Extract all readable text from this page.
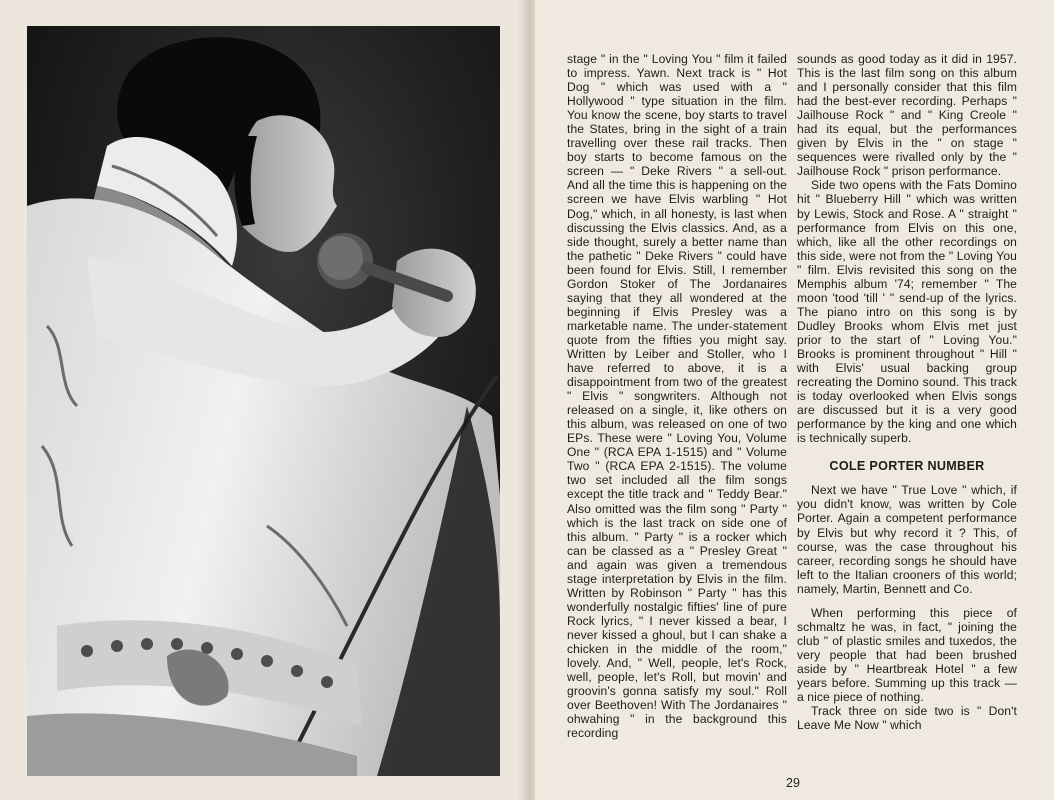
stage " in the " Loving You " film it failed to impress. Yawn. Next track is " Hot Dog " which was used with a " Hollywood " type situation in the film. You know the scene, boy starts to travel the States, bring in the sight of a train travelling over these rail tracks. Then boy starts to become famous on the screen — " Deke Rivers " a sell-out. And all the time this is happening on the screen we have Elvis warbling " Hot Dog," which, in all honesty, is last when discussing the Elvis classics. And, as a side thought, surely a better name than the pathetic " Deke Rivers " could have been found for Elvis. Still, I remember Gordon Stoker of The Jordanaires saying that they all wondered at the beginning if Elvis Presley was a marketable name. The under-statement quote from the fifties you might say. Written by Leiber and Stoller, who I have referred to above, it is a disappointment from two of the greatest " Elvis " songwriters. Although not released on a single, it, like others on this album, was released on one of two EPs. These were " Loving You, Volume One " (RCA EPA 1-1515) and " Volume Two " (RCA EPA 2-1515). The volume two set included all the film songs except the title track and " Teddy Bear." Also omitted was the film song " Party " which is the last track on side one of this album. " Party " is a rocker which can be classed as a " Presley Great " and again was given a tremendous stage interpretation by Elvis in the film. Written by Robinson " Party " has this wonderfully nostalgic fifties' line of pure Rock lyrics, " I never kissed a bear, I never kissed a ghoul, but I can shake a chicken in the middle of the room," lovely. And, " Well, people, let's Rock, well, people, let's Roll, but movin' and groovin's gonna satisfy my soul." Roll over Beethoven! With The Jordanaires " ohwahing " in the background this recording

sounds as good today as it did in 1957. This is the last film song on this album and I personally consider that this film had the best-ever recording. Perhaps " Jailhouse Rock " and " King Creole " had its equal, but the performances given by Elvis in the " on stage " sequences were rivalled only by the " Jailhouse Rock " prison performance.

Side two opens with the Fats Domino hit " Blueberry Hill " which was written by Lewis, Stock and Rose. A " straight " performance from Elvis on this one, which, like all the other recordings on this side, were not from the " Loving You " film. Elvis revisited this song on the Memphis album '74; remember " The moon 'tood 'till ' " send-up of the lyrics. The piano intro on this song is by Dudley Brooks whom Elvis met just prior to the start of " Loving You." Brooks is prominent throughout " Hill " with Elvis' usual backing group recreating the Domino sound. This track is today overlooked when Elvis songs are discussed but it is a very good performance by the king and one which is technically superb.

COLE PORTER NUMBER

Next we have " True Love " which, if you didn't know, was written by Cole Porter. Again a competent performance by Elvis but why record it ? This, of course, was the case throughout his career, recording songs he should have left to the Italian crooners of this world; namely, Martin, Bennett and Co.

When performing this piece of schmaltz he was, in fact, " joining the club " of plastic smiles and tuxedos, the very people that had been brushed aside by " Heartbreak Hotel " a few years before. Summing up this track — a nice piece of nothing.

Track three on side two is " Don't Leave Me Now " which

29
